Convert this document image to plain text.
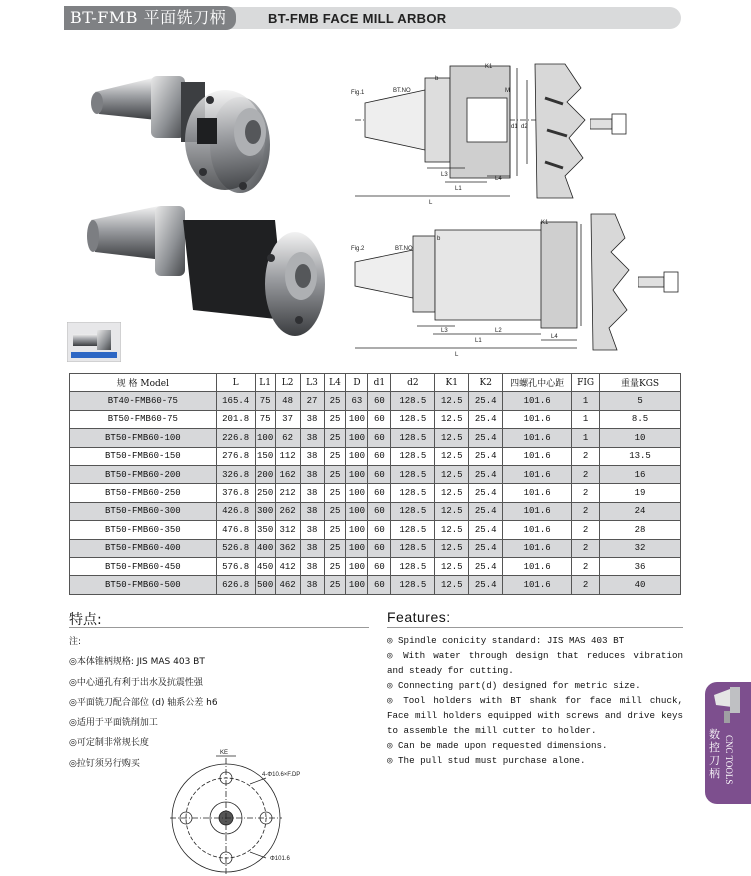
BT-FMB 平面铣刀柄	BT-FMB FACE MILL ARBOR
Fig.1	BT.NO
b
K1
M
d1 d2
L3
L1
L4
L
Fig.2	BT.NO
b
K1
L3	L2
L1
L4
L
规 格 Model	L	L1	L2	L3	L4	D	d1	d2	K1	K2	四螺孔中心距	FIG	重量KGS
BT40-FMB60-75	165.4	75	48	27	25	63	60	128.5	12.5	25.4	101.6	1	5
BT50-FMB60-75	201.8	75	37	38	25	100	60	128.5	12.5	25.4	101.6	1	8.5
BT50-FMB60-100	226.8	100	62	38	25	100	60	128.5	12.5	25.4	101.6	1	10
BT50-FMB60-150	276.8	150	112	38	25	100	60	128.5	12.5	25.4	101.6	2	13.5
BT50-FMB60-200	326.8	200	162	38	25	100	60	128.5	12.5	25.4	101.6	2	16
BT50-FMB60-250	376.8	250	212	38	25	100	60	128.5	12.5	25.4	101.6	2	19
BT50-FMB60-300	426.8	300	262	38	25	100	60	128.5	12.5	25.4	101.6	2	24
BT50-FMB60-350	476.8	350	312	38	25	100	60	128.5	12.5	25.4	101.6	2	28
BT50-FMB60-400	526.8	400	362	38	25	100	60	128.5	12.5	25.4	101.6	2	32
BT50-FMB60-450	576.8	450	412	38	25	100	60	128.5	12.5	25.4	101.6	2	36
BT50-FMB60-500	626.8	500	462	38	25	100	60	128.5	12.5	25.4	101.6	2	40
特点:
注:
◎本体锥柄规格: JIS MAS 403 BT
◎中心通孔有利于出水及抗震性强
◎平面铣刀配合部位 (d) 轴系公差 h6
◎适用于平面铣削加工
◎可定制非常规长度
◎拉钉须另行购买
Features:

◎ Spindle conicity standard: JIS MAS 403 BT

◎ With water through design that reduces vibration and steady for cutting.

◎ Connecting part(d) designed for metric size.

◎ Tool holders with BT shank for face mill chuck, Face mill holders equipped with screws and drive keys to assemble the mill cutter to holder.

◎ Can be made upon requested dimensions.

◎ The pull stud must purchase alone.

KE
4-Φ10.6×F.DP
Φ101.6
数控刀柄 CNC TOOLS
